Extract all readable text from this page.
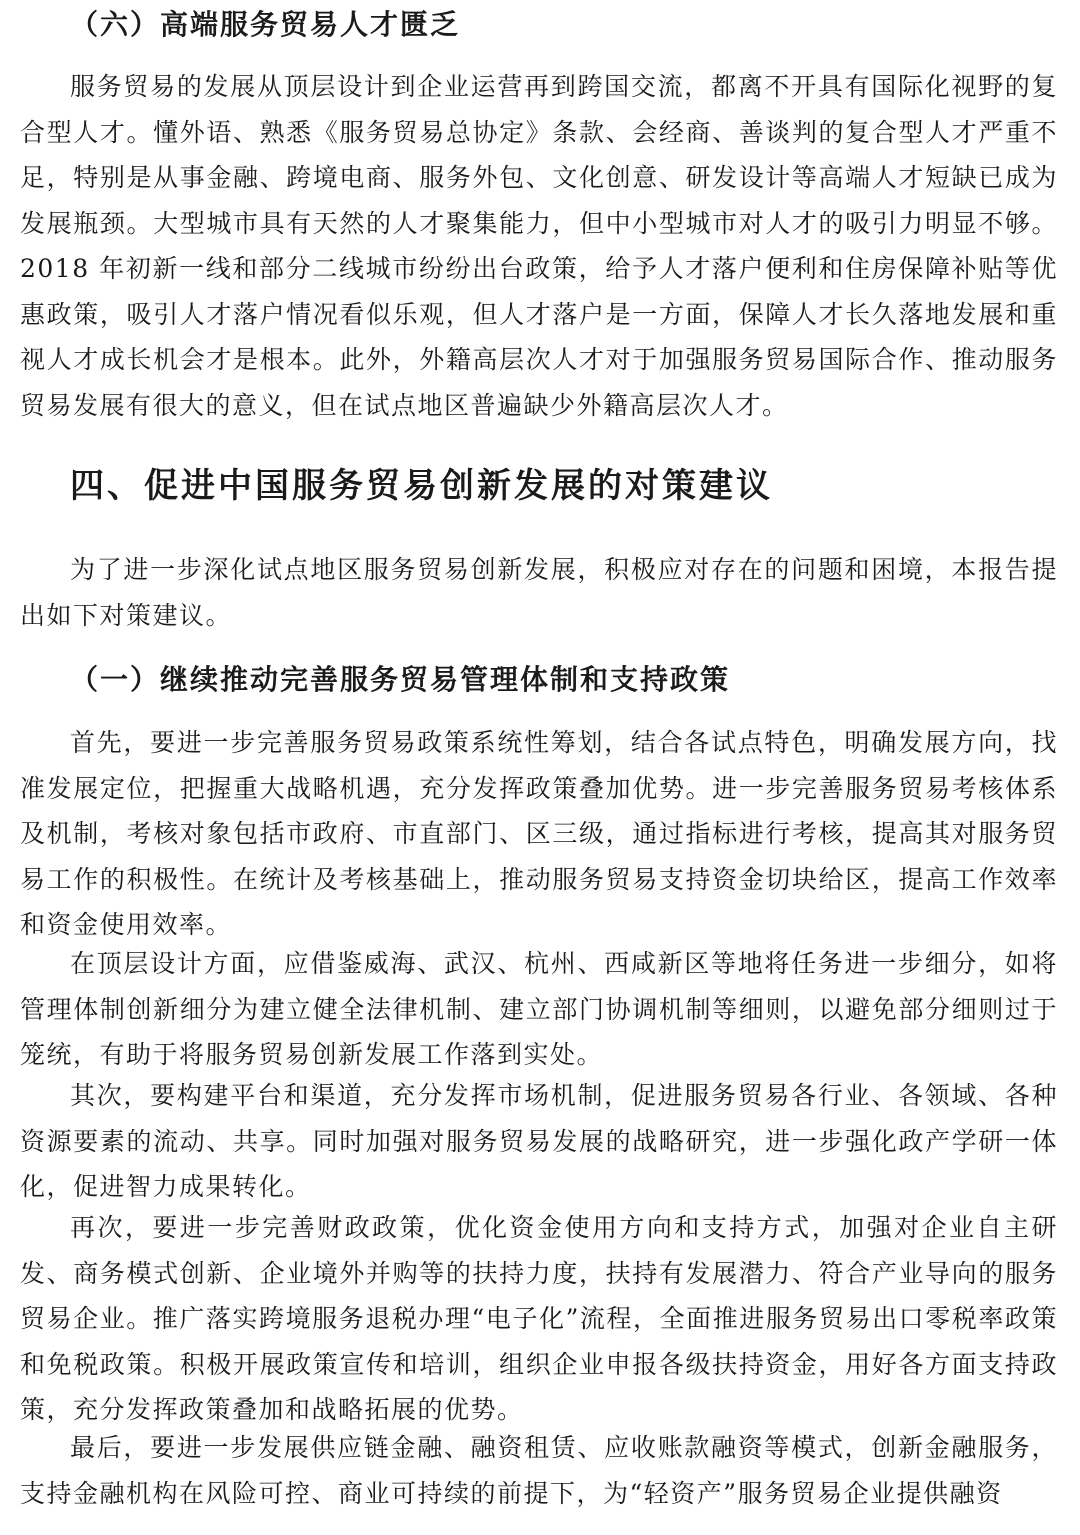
（六）高端服务贸易人才匮乏

服务贸易的发展从顶层设计到企业运营再到跨国交流，都离不开具有国际化视野的复合型人才。懂外语、熟悉《服务贸易总协定》条款、会经商、善谈判的复合型人才严重不足，特别是从事金融、跨境电商、服务外包、文化创意、研发设计等高端人才短缺已成为发展瓶颈。大型城市具有天然的人才聚集能力，但中小型城市对人才的吸引力明显不够。2018 年初新一线和部分二线城市纷纷出台政策，给予人才落户便利和住房保障补贴等优惠政策，吸引人才落户情况看似乐观，但人才落户是一方面，保障人才长久落地发展和重视人才成长机会才是根本。此外，外籍高层次人才对于加强服务贸易国际合作、推动服务贸易发展有很大的意义，但在试点地区普遍缺少外籍高层次人才。

四、促进中国服务贸易创新发展的对策建议

为了进一步深化试点地区服务贸易创新发展，积极应对存在的问题和困境，本报告提出如下对策建议。

（一）继续推动完善服务贸易管理体制和支持政策

首先，要进一步完善服务贸易政策系统性筹划，结合各试点特色，明确发展方向，找准发展定位，把握重大战略机遇，充分发挥政策叠加优势。进一步完善服务贸易考核体系及机制，考核对象包括市政府、市直部门、区三级，通过指标进行考核，提高其对服务贸易工作的积极性。在统计及考核基础上，推动服务贸易支持资金切块给区，提高工作效率和资金使用效率。

在顶层设计方面，应借鉴威海、武汉、杭州、西咸新区等地将任务进一步细分，如将管理体制创新细分为建立健全法律机制、建立部门协调机制等细则，以避免部分细则过于笼统，有助于将服务贸易创新发展工作落到实处。

其次，要构建平台和渠道，充分发挥市场机制，促进服务贸易各行业、各领域、各种资源要素的流动、共享。同时加强对服务贸易发展的战略研究，进一步强化政产学研一体化，促进智力成果转化。

再次，要进一步完善财政政策，优化资金使用方向和支持方式，加强对企业自主研发、商务模式创新、企业境外并购等的扶持力度，扶持有发展潜力、符合产业导向的服务贸易企业。推广落实跨境服务退税办理“电子化”流程，全面推进服务贸易出口零税率政策和免税政策。积极开展政策宣传和培训，组织企业申报各级扶持资金，用好各方面支持政策，充分发挥政策叠加和战略拓展的优势。

最后，要进一步发展供应链金融、融资租赁、应收账款融资等模式，创新金融服务，支持金融机构在风险可控、商业可持续的前提下，为“轻资产”服务贸易企业提供融资
